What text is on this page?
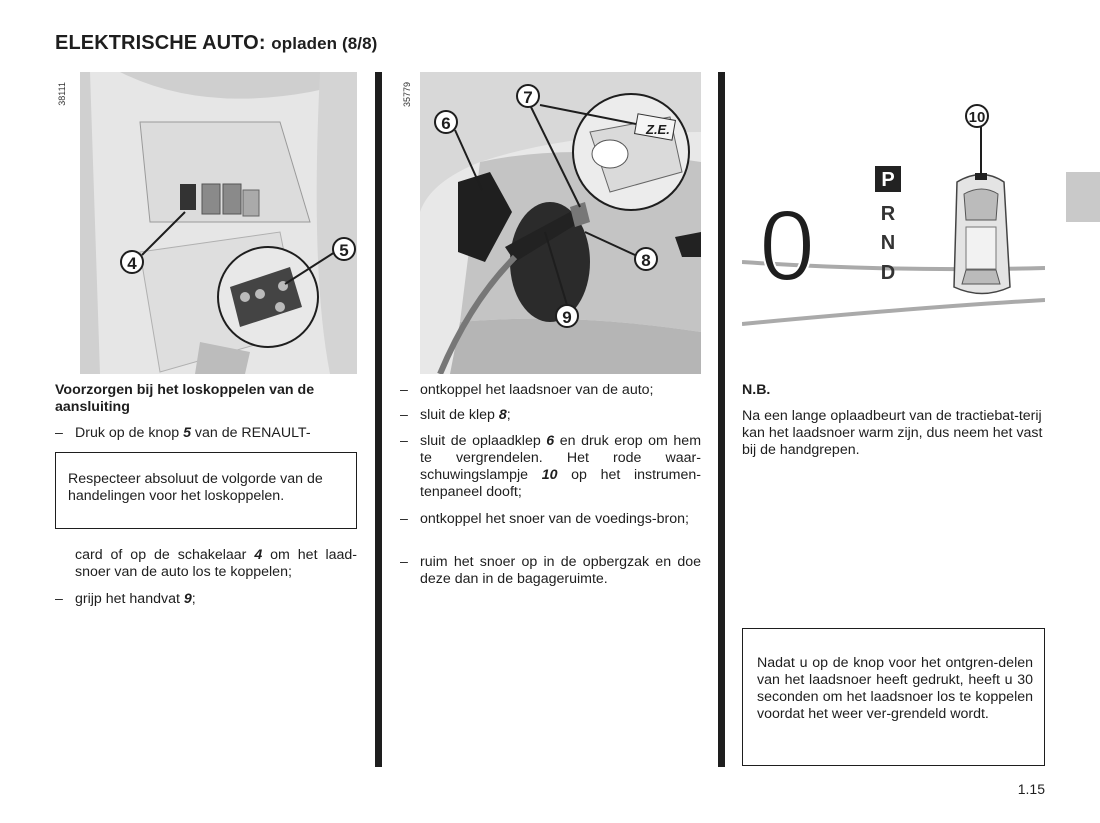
ELEKTRISCHE AUTO: opladen (8/8)
38111
4
5
Voorzorgen bij het loskoppelen van de aansluiting
– Druk op de knop 5 van de RENAULT-
Respecteer absoluut de volgorde van de handelingen voor het loskoppelen.
card of op de schakelaar 4 om het laad-snoer van de auto los te koppelen;
– grijp het handvat 9;
35779
Z.E.
6
7
8
9
– ontkoppel het laadsnoer van de auto;
– sluit de klep 8;
– sluit de oplaadklep 6 en druk erop om hem te vergrendelen. Het rode waar-schuwingslampje 10 op het instrumen-tenpaneel dooft;
– ontkoppel het snoer van de voedings-bron;
– ruim het snoer op in de opbergzak en doe deze dan in de bagageruimte.
0
P
R
N
D
10
N.B.
Na een lange oplaadbeurt van de tractiebat-terij kan het laadsnoer warm zijn, dus neem het vast bij de handgrepen.
Nadat u op de knop voor het ontgren-delen van het laadsnoer heeft gedrukt, heeft u 30 seconden om het laadsnoer los te koppelen voordat het weer ver-grendeld wordt.
1.15
